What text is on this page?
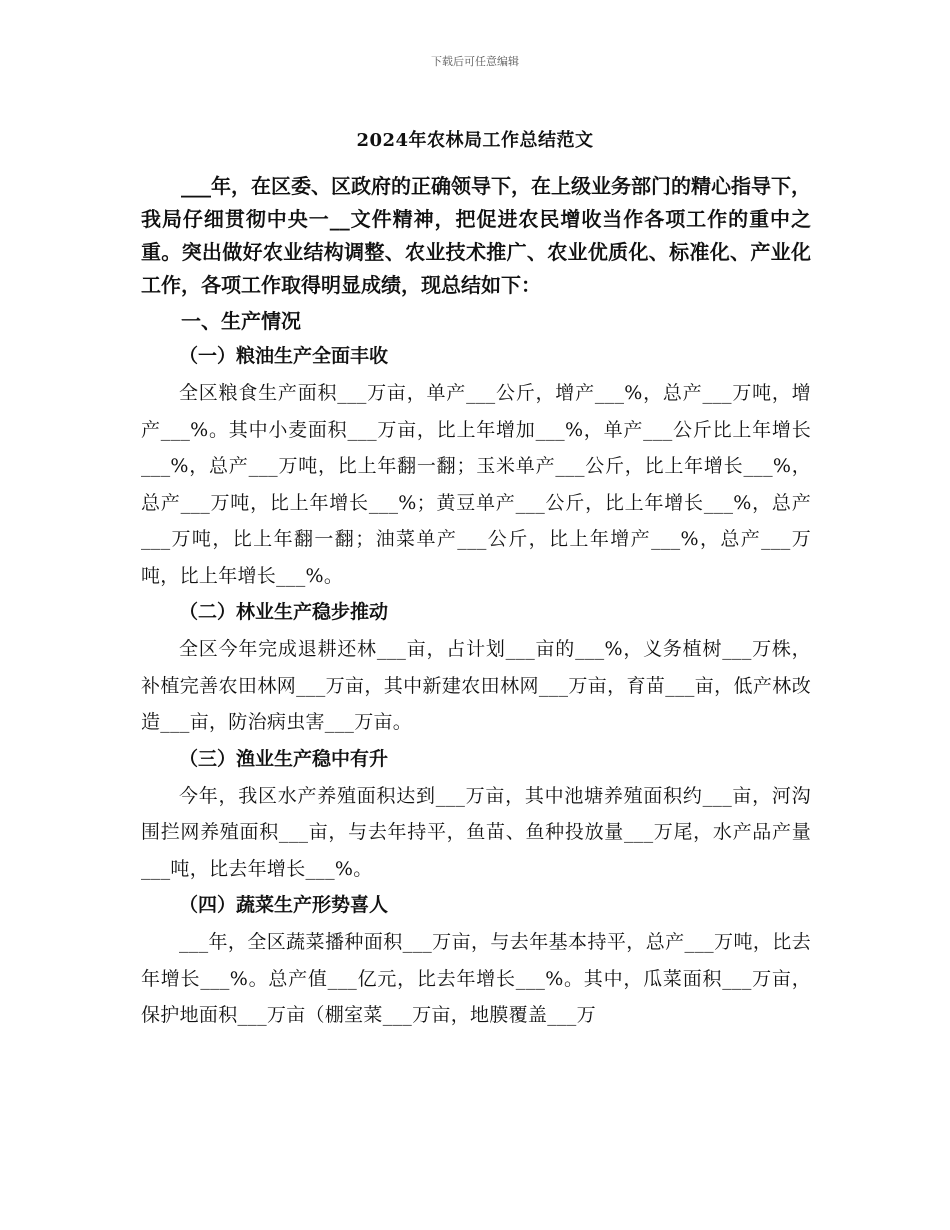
下载后可任意编辑
2024年农林局工作总结范文

___年，在区委、区政府的正确领导下，在上级业务部门的精心指导下，我局仔细贯彻中央一__文件精神，把促进农民增收当作各项工作的重中之重。突出做好农业结构调整、农业技术推广、农业优质化、标准化、产业化工作，各项工作取得明显成绩，现总结如下：

一、生产情况

（一）粮油生产全面丰收

全区粮食生产面积___万亩，单产___公斤，增产___%，总产___万吨，增产___%。其中小麦面积___万亩，比上年增加___%，单产___公斤比上年增长___%，总产___万吨，比上年翻一翻；玉米单产___公斤，比上年增长___%，总产___万吨，比上年增长___%；黄豆单产___公斤，比上年增长___%，总产___万吨，比上年翻一翻；油菜单产___公斤，比上年增产___%，总产___万吨，比上年增长___%。

（二）林业生产稳步推动

全区今年完成退耕还林___亩，占计划___亩的___%，义务植树___万株，补植完善农田林网___万亩，其中新建农田林网___万亩，育苗___亩，低产林改造___亩，防治病虫害___万亩。

（三）渔业生产稳中有升

今年，我区水产养殖面积达到___万亩，其中池塘养殖面积约___亩，河沟围拦网养殖面积___亩，与去年持平，鱼苗、鱼种投放量___万尾，水产品产量___吨，比去年增长___%。

（四）蔬菜生产形势喜人

___年，全区蔬菜播种面积___万亩，与去年基本持平，总产___万吨，比去年增长___%。总产值___亿元，比去年增长___%。其中，瓜菜面积___万亩，保护地面积___万亩（棚室菜___万亩，地膜覆盖___万
